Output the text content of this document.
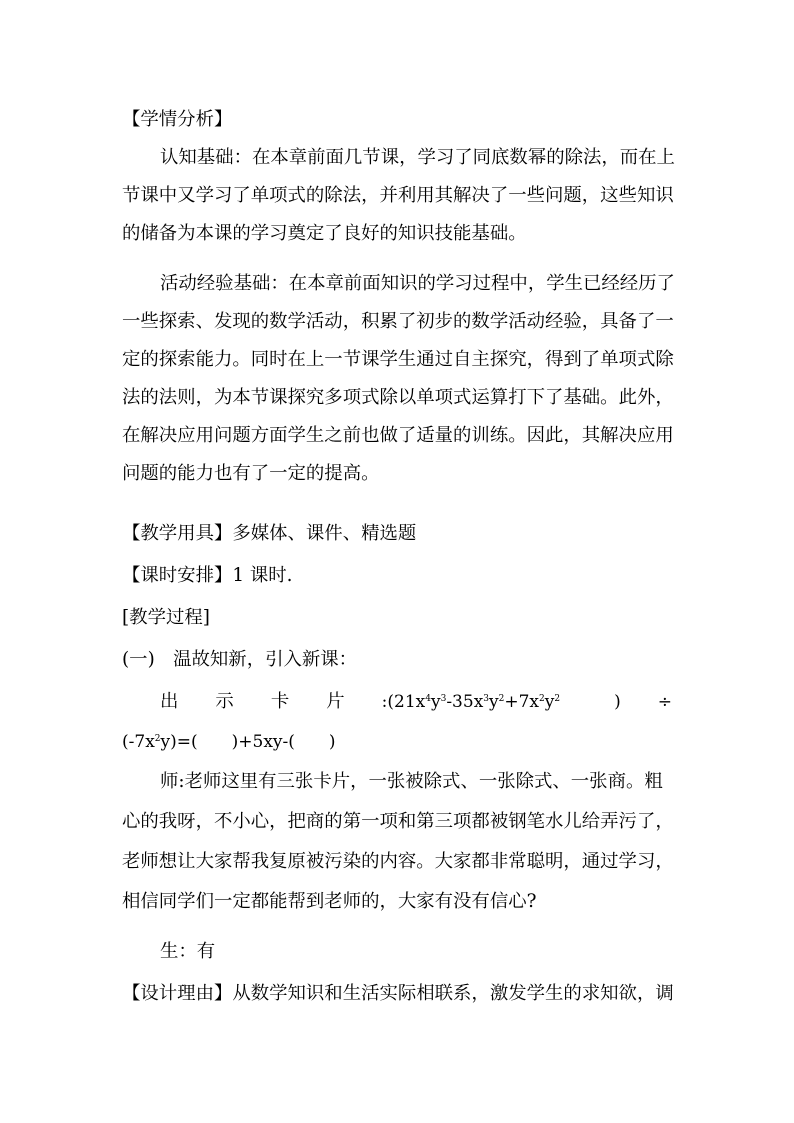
【学情分析】
认知基础：在本章前面几节课，学习了同底数幂的除法，而在上
节课中又学习了单项式的除法，并利用其解决了一些问题，这些知识
的储备为本课的学习奠定了良好的知识技能基础。
活动经验基础：在本章前面知识的学习过程中，学生已经经历了
一些探索、发现的数学活动，积累了初步的数学活动经验，具备了一
定的探索能力。同时在上一节课学生通过自主探究，得到了单项式除
法的法则，为本节课探究多项式除以单项式运算打下了基础。此外，
在解决应用问题方面学生之前也做了适量的训练。因此，其解决应用
问题的能力也有了一定的提高。
【教学用具】多媒体、课件、精选题
【课时安排】1 课时.
[教学过程]
(一)　温故知新，引入新课：
出 示 卡 片 $:(21x^4y^3-35x^3y^2+7x^2y^2$	) ÷
$(-7x^2y)=$( )+5xy-( )
师:老师这里有三张卡片，一张被除式、一张除式、一张商。粗
心的我呀，不小心，把商的第一项和第三项都被钢笔水儿给弄污了，
老师想让大家帮我复原被污染的内容。大家都非常聪明，通过学习，
相信同学们一定都能帮到老师的，大家有没有信心?
生：有
【设计理由】从数学知识和生活实际相联系，激发学生的求知欲，调
